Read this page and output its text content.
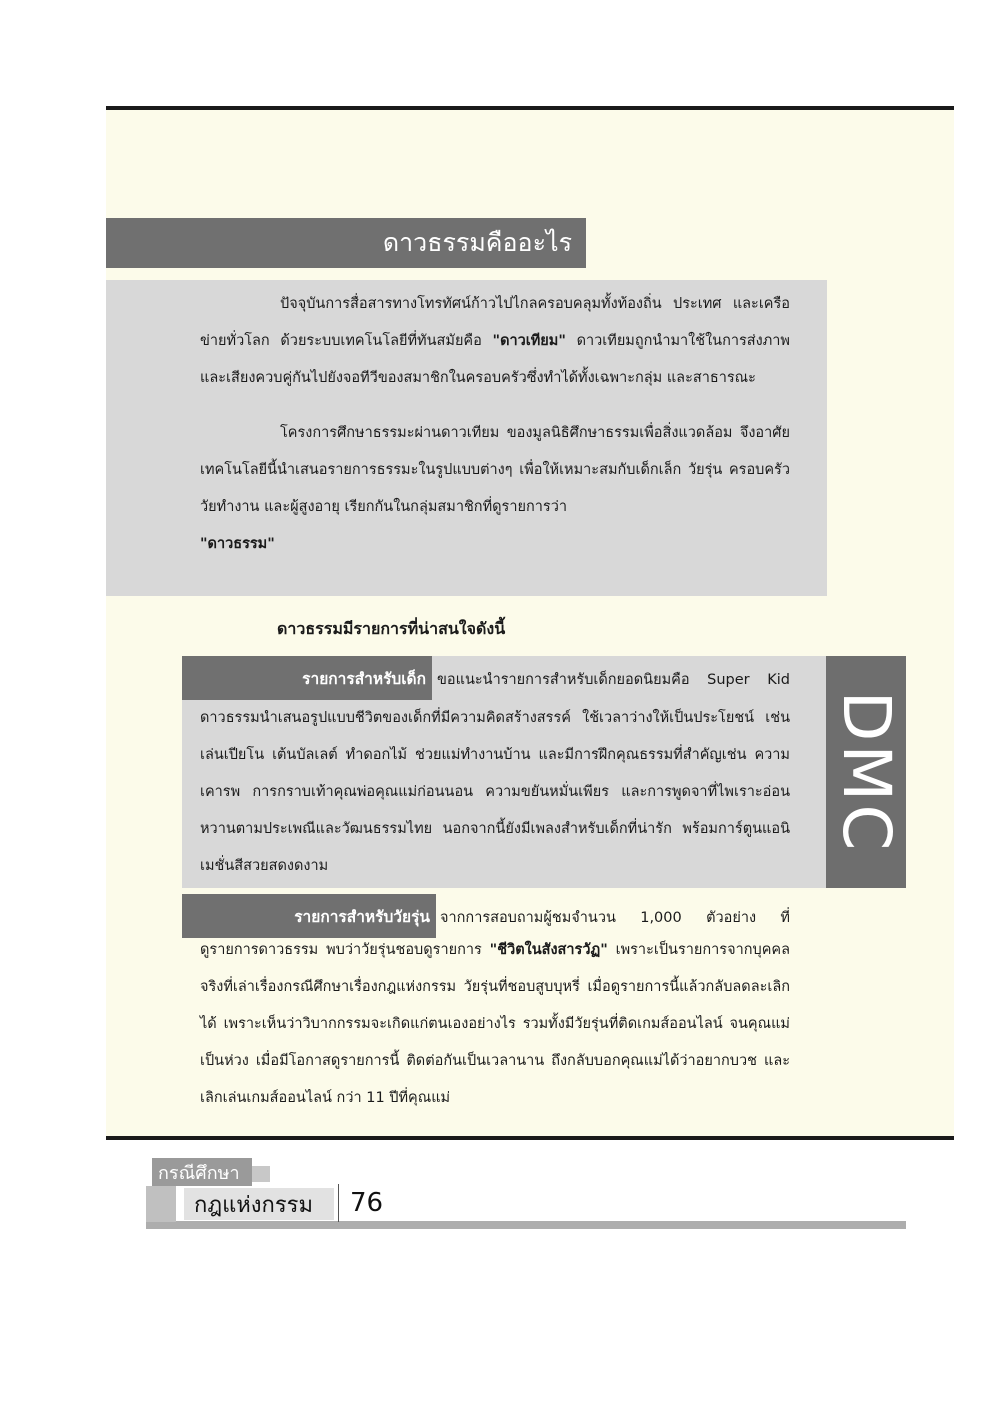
ดาวธรรมคืออะไร

ปัจจุบันการสื่อสารทางโทรทัศน์ก้าวไปไกลครอบคลุมทั้งท้องถิ่น ประเทศ และเครือข่ายทั่วโลก ด้วยระบบเทคโนโลยีที่ทันสมัยคือ "ดาวเทียม" ดาวเทียมถูกนำมาใช้ในการส่งภาพและเสียงควบคู่กันไปยังจอทีวีของสมาชิกในครอบครัวซึ่งทำได้ทั้งเฉพาะกลุ่ม และสาธารณะ

โครงการศึกษาธรรมะผ่านดาวเทียม ของมูลนิธิศึกษาธรรมเพื่อสิ่งแวดล้อม จึงอาศัยเทคโนโลยีนี้นำเสนอรายการธรรมะในรูปแบบต่างๆ เพื่อให้เหมาะสมกับเด็กเล็ก วัยรุ่น ครอบครัว วัยทำงาน และผู้สูงอายุ เรียกกันในกลุ่มสมาชิกที่ดูรายการว่า
"ดาวธรรม"

ดาวธรรมมีรายการที่น่าสนใจดังนี้
รายการสำหรับเด็ก ขอแนะนำรายการสำหรับเด็กยอดนิยมคือ Super Kid

ดาวธรรมนำเสนอรูปแบบชีวิตของเด็กที่มีความคิดสร้างสรรค์ ใช้เวลาว่างให้เป็นประโยชน์ เช่น เล่นเปียโน เต้นบัลเลต์ ทำดอกไม้ ช่วยแม่ทำงานบ้าน และมีการฝึกคุณธรรมที่สำคัญเช่น ความเคารพ การกราบเท้าคุณพ่อคุณแม่ก่อนนอน ความขยันหมั่นเพียร และการพูดจาที่ไพเราะอ่อนหวานตามประเพณีและวัฒนธรรมไทย นอกจากนี้ยังมีเพลงสำหรับเด็กที่น่ารัก พร้อมการ์ตูนแอนิเมชั่นสีสวยสดงดงาม

DMC
รายการสำหรับวัยรุ่น จากการสอบถามผู้ชมจำนวน 1,000 ตัวอย่าง ที่

ดูรายการดาวธรรม พบว่าวัยรุ่นชอบดูรายการ "ชีวิตในสังสารวัฏ" เพราะเป็นรายการจากบุคคลจริงที่เล่าเรื่องกรณีศึกษาเรื่องกฎแห่งกรรม วัยรุ่นที่ชอบสูบบุหรี่ เมื่อดูรายการนี้แล้วกลับลดละเลิกได้ เพราะเห็นว่าวิบากกรรมจะเกิดแก่ตนเองอย่างไร รวมทั้งมีวัยรุ่นที่ติดเกมส์ออนไลน์ จนคุณแม่เป็นห่วง เมื่อมีโอกาสดูรายการนี้ ติดต่อกันเป็นเวลานาน ถึงกลับบอกคุณแม่ได้ว่าอยากบวช และเลิกเล่นเกมส์ออนไลน์ กว่า 11 ปีที่คุณแม่

กรณีศึกษา
กฎแห่งกรรม 76
